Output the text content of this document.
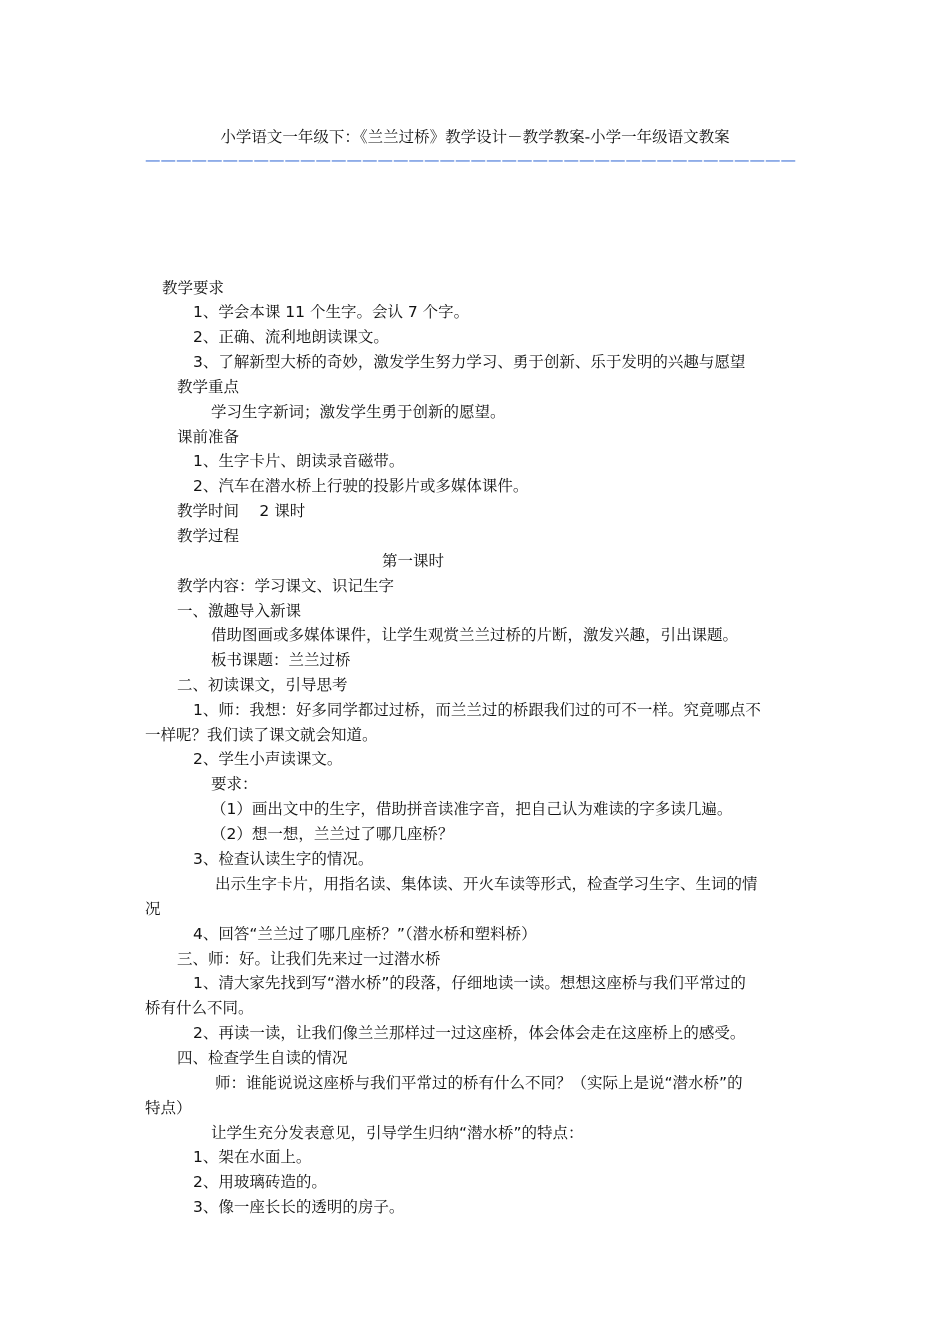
小学语文一年级下：《兰兰过桥》教学设计－教学教案-小学一年级语文教案
——————————————————————————————————————————
教学要求
1、学会本课 11 个生字。会认 7 个字。
2、正确、流利地朗读课文。
3、了解新型大桥的奇妙，激发学生努力学习、勇于创新、乐于发明的兴趣与愿望
教学重点
学习生字新词；激发学生勇于创新的愿望。
课前准备
1、生字卡片、朗读录音磁带。
2、汽车在潜水桥上行驶的投影片或多媒体课件。
教学时间　 2 课时
教学过程
第一课时
教学内容：学习课文、识记生字
一、激趣导入新课
借助图画或多媒体课件，让学生观赏兰兰过桥的片断，激发兴趣，引出课题。
板书课题：兰兰过桥
二、初读课文，引导思考
1、师：我想：好多同学都过过桥，而兰兰过的桥跟我们过的可不一样。究竟哪点不
一样呢？我们读了课文就会知道。
2、学生小声读课文。
要求：
（1）画出文中的生字，借助拼音读准字音，把自己认为难读的字多读几遍。
（2）想一想，兰兰过了哪几座桥？
3、检查认读生字的情况。
出示生字卡片，用指名读、集体读、开火车读等形式，检查学习生字、生词的情
况
4、回答“兰兰过了哪几座桥？”（潜水桥和塑料桥）
三、师：好。让我们先来过一过潜水桥
1、清大家先找到写“潜水桥”的段落，仔细地读一读。想想这座桥与我们平常过的
桥有什么不同。
2、再读一读，让我们像兰兰那样过一过这座桥，体会体会走在这座桥上的感受。
四、检查学生自读的情况
师：谁能说说这座桥与我们平常过的桥有什么不同？（实际上是说“潜水桥”的
特点）
让学生充分发表意见，引导学生归纳“潜水桥”的特点：
1、架在水面上。
2、用玻璃砖造的。
3、像一座长长的透明的房子。
